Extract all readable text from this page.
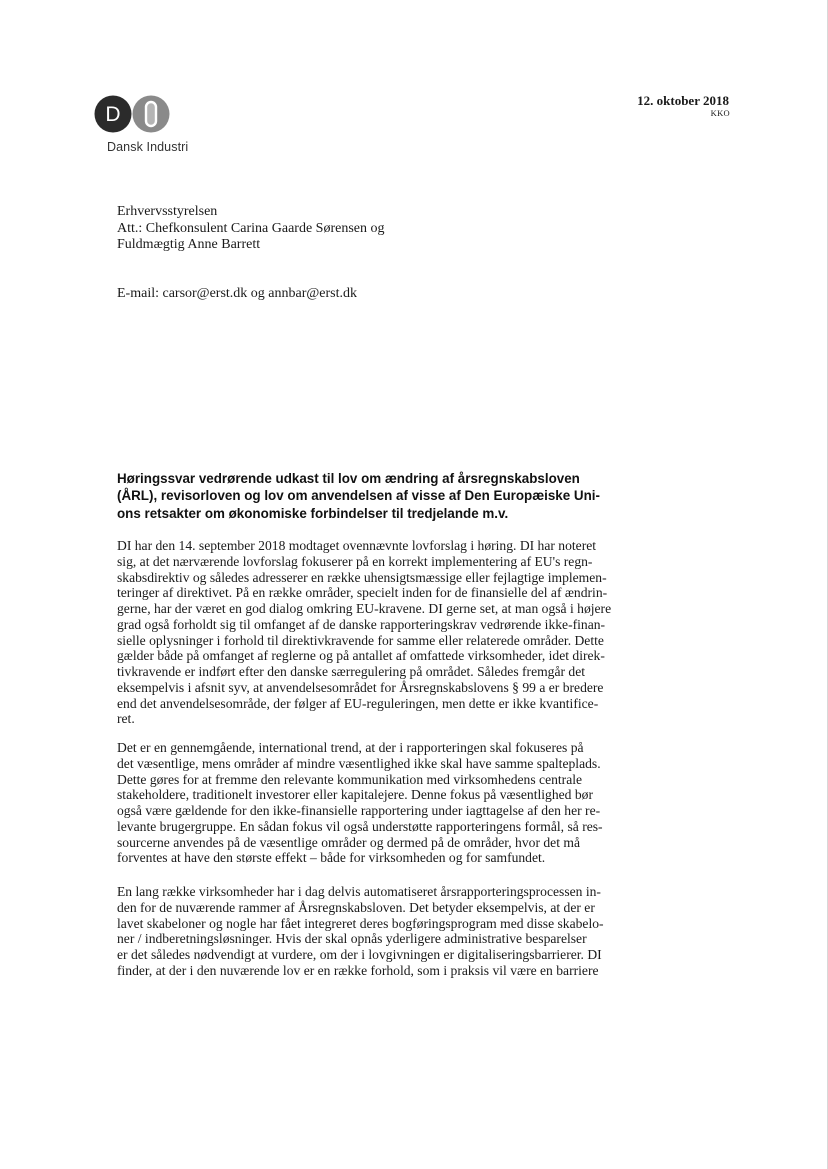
D
Dansk Industri
12. oktober 2018
KKO
Erhvervsstyrelsen
Att.: Chefkonsulent Carina Gaarde Sørensen og
Fuldmægtig Anne Barrett
E-mail: carsor@erst.dk og annbar@erst.dk
Høringssvar vedrørende udkast til lov om ændring af årsregnskabsloven
(ÅRL), revisorloven og lov om anvendelsen af visse af Den Europæiske Uni-
ons retsakter om økonomiske forbindelser til tredjelande m.v.
DI har den 14. september 2018 modtaget ovennævnte lovforslag i høring. DI har noteret
sig, at det nærværende lovforslag fokuserer på en korrekt implementering af EU's regn-
skabsdirektiv og således adresserer en række uhensigtsmæssige eller fejlagtige implemen-
teringer af direktivet. På en række områder, specielt inden for de finansielle del af ændrin-
gerne, har der været en god dialog omkring EU-kravene. DI gerne set, at man også i højere
grad også forholdt sig til omfanget af de danske rapporteringskrav vedrørende ikke-finan-
sielle oplysninger i forhold til direktivkravende for samme eller relaterede områder. Dette
gælder både på omfanget af reglerne og på antallet af omfattede virksomheder, idet direk-
tivkravende er indført efter den danske særregulering på området. Således fremgår det
eksempelvis i afsnit syv, at anvendelsesområdet for Årsregnskabslovens § 99 a er bredere
end det anvendelsesområde, der følger af EU-reguleringen, men dette er ikke kvantifice-
ret.
Det er en gennemgående, international trend, at der i rapporteringen skal fokuseres på
det væsentlige, mens områder af mindre væsentlighed ikke skal have samme spalteplads.
Dette gøres for at fremme den relevante kommunikation med virksomhedens centrale
stakeholdere, traditionelt investorer eller kapitalejere. Denne fokus på væsentlighed bør
også være gældende for den ikke-finansielle rapportering under iagttagelse af den her re-
levante brugergruppe. En sådan fokus vil også understøtte rapporteringens formål, så res-
sourcerne anvendes på de væsentlige områder og dermed på de områder, hvor det må
forventes at have den største effekt – både for virksomheden og for samfundet.
En lang række virksomheder har i dag delvis automatiseret årsrapporteringsprocessen in-
den for de nuværende rammer af Årsregnskabsloven. Det betyder eksempelvis, at der er
lavet skabeloner og nogle har fået integreret deres bogføringsprogram med disse skabelo-
ner / indberetningsløsninger. Hvis der skal opnås yderligere administrative besparelser
er det således nødvendigt at vurdere, om der i lovgivningen er digitaliseringsbarrierer. DI
finder, at der i den nuværende lov er en række forhold, som i praksis vil være en barriere
